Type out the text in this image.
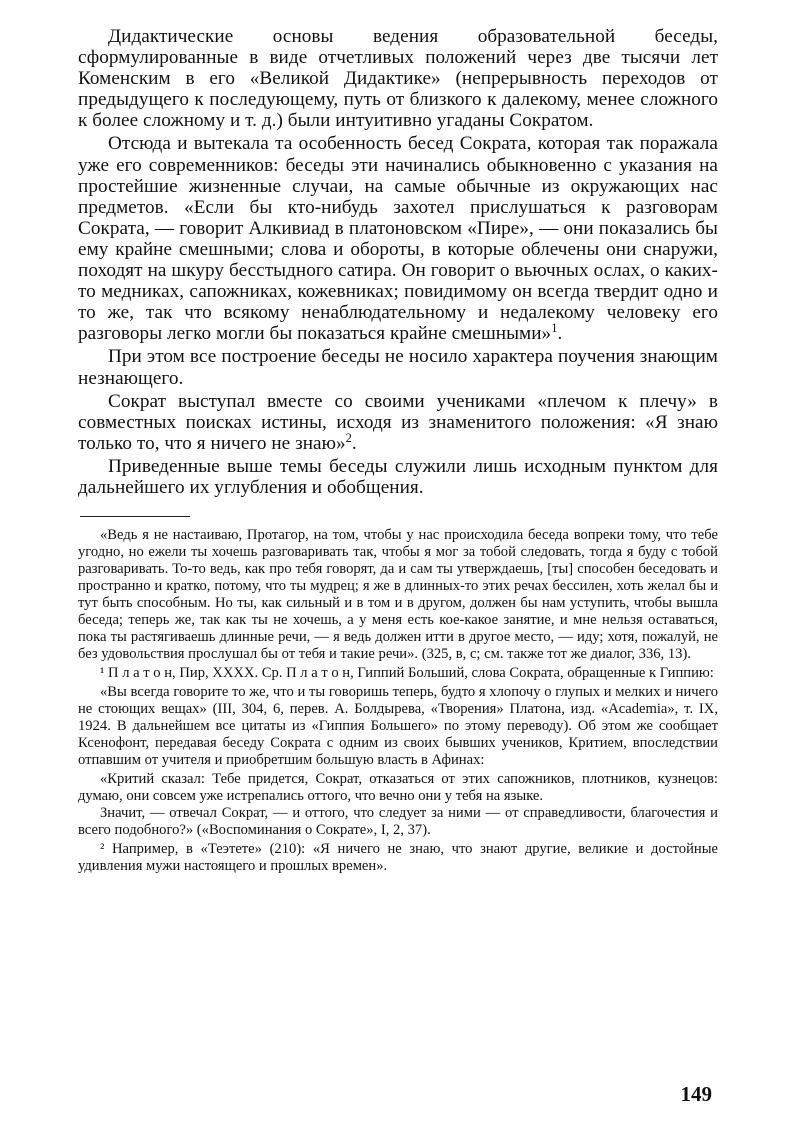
Дидактические основы ведения образовательной беседы, сформулированные в виде отчетливых положений через две тысячи лет Коменским в его «Великой Дидактике» (непрерывность переходов от предыдущего к последующему, путь от близкого к далекому, менее сложного к более сложному и т. д.) были интуитивно угаданы Сократом.

Отсюда и вытекала та особенность бесед Сократа, которая так поражала уже его современников: беседы эти начинались обыкновенно с указания на простейшие жизненные случаи, на самые обычные из окружающих нас предметов. «Если бы кто-нибудь захотел прислушаться к разговорам Сократа, — говорит Алкивиад в платоновском «Пире», — они показались бы ему крайне смешными; слова и обороты, в которые облечены они снаружи, походят на шкуру бесстыдного сатира. Он говорит о вьючных ослах, о каких-то медниках, сапожниках, кожевниках; повидимому он всегда твердит одно и то же, так что всякому ненаблюдательному и недалекому человеку его разговоры легко могли бы показаться крайне смешными»$^1$.

При этом все построение беседы не носило характера поучения знающим незнающего.

Сократ выступал вместе со своими учениками «плечом к плечу» в совместных поисках истины, исходя из знаменитого положения: «Я знаю только то, что я ничего не знаю»$^2$.

Приведенные выше темы беседы служили лишь исходным пунктом для дальнейшего их углубления и обобщения.

«Ведь я не настаиваю, Протагор, на том, чтобы у нас происходила беседа вопреки тому, что тебе угодно, но ежели ты хочешь разговаривать так, чтобы я мог за тобой следовать, тогда я буду с тобой разговаривать. То-то ведь, как про тебя говорят, да и сам ты утверждаешь, [ты] способен беседовать и пространно и кратко, потому, что ты мудрец; я же в длинных-то этих речах бессилен, хоть желал бы и тут быть способным. Но ты, как сильный и в том и в другом, должен бы нам уступить, чтобы вышла беседа; теперь же, так как ты не хочешь, а у меня есть кое-какое занятие, и мне нельзя оставаться, пока ты растягиваешь длинные речи, — я ведь должен итти в другое место, — иду; хотя, пожалуй, не без удовольствия прослушал бы от тебя и такие речи». (325, в, с; см. также тот же диалог, 336, 13).

¹ П л а т о н, Пир, XXXX. Ср. П л а т о н, Гиппий Больший, слова Сократа, обращенные к Гиппию:

«Вы всегда говорите то же, что и ты говоришь теперь, будто я хлопочу о глупых и мелких и ничего не стоющих вещах» (III, 304, 6, перев. А. Болдырева, «Творения» Платона, изд. «Academia», т. IX, 1924. В дальнейшем все цитаты из «Гиппия Большего» по этому переводу). Об этом же сообщает Ксенофонт, передавая беседу Сократа с одним из своих бывших учеников, Критием, впоследствии отпавшим от учителя и приобретшим большую власть в Афинах:

«Критий сказал: Тебе придется, Сократ, отказаться от этих сапожников, плотников, кузнецов: думаю, они совсем уже истрепались оттого, что вечно они у тебя на языке.

Значит, — отвечал Сократ, — и оттого, что следует за ними — от справедливости, благочестия и всего подобного?» («Воспоминания о Сократе», I, 2, 37).

² Например, в «Теэтете» (210): «Я ничего не знаю, что знают другие, великие и достойные удивления мужи настоящего и прошлых времен».

149
